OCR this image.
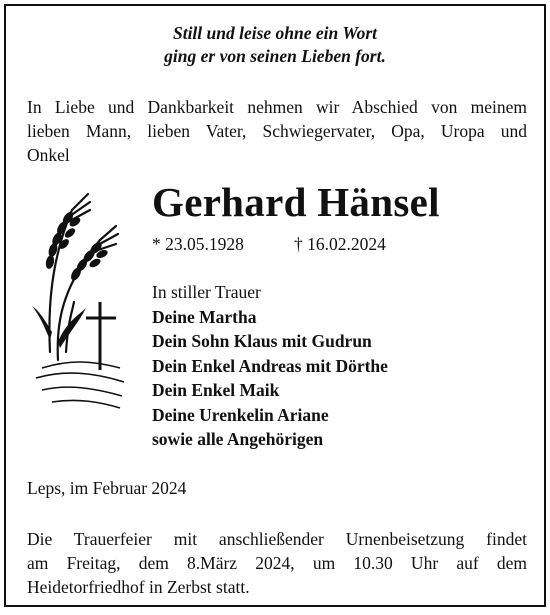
Still und leise ohne ein Wort
ging er von seinen Lieben fort.
In Liebe und Dankbarkeit nehmen wir Abschied von meinem
lieben Mann, lieben Vater, Schwiegervater, Opa, Uropa und
Onkel
Gerhard Hänsel
* 23.05.1928	† 16.02.2024
In stiller Trauer
Deine Martha
Dein Sohn Klaus mit Gudrun
Dein Enkel Andreas mit Dörthe
Dein Enkel Maik
Deine Urenkelin Ariane
sowie alle Angehörigen
Leps, im Februar 2024
Die Trauerfeier mit anschließender Urnenbeisetzung findet
am Freitag, dem 8.März 2024, um 10.30 Uhr auf dem
Heidetorfriedhof in Zerbst statt.
